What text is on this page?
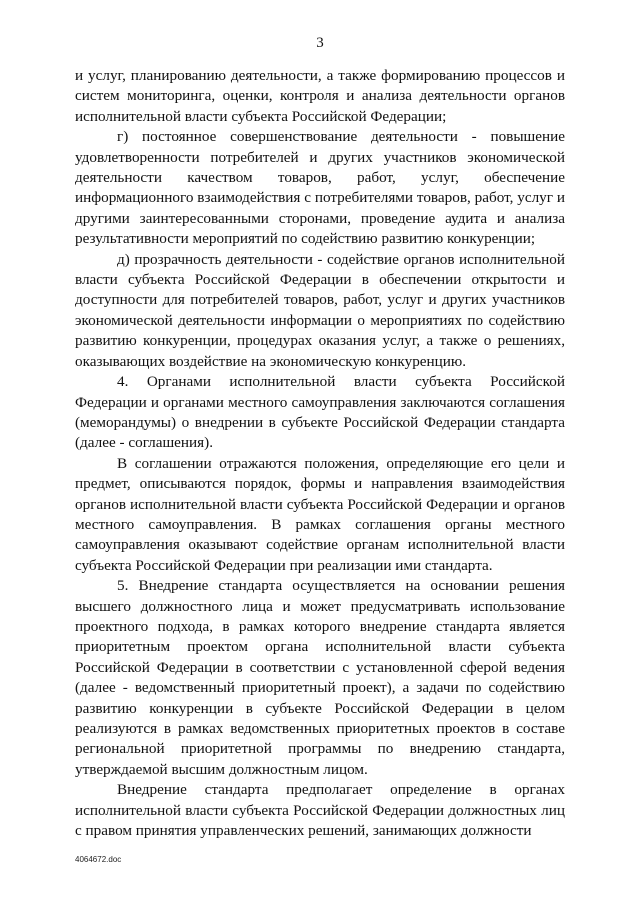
3

и услуг, планированию деятельности, а также формированию процессов и систем мониторинга, оценки, контроля и анализа деятельности органов исполнительной власти субъекта Российской Федерации;

г) постоянное совершенствование деятельности - повышение удовлетворенности потребителей и других участников экономической деятельности качеством товаров, работ, услуг, обеспечение информационного взаимодействия с потребителями товаров, работ, услуг и другими заинтересованными сторонами, проведение аудита и анализа результативности мероприятий по содействию развитию конкуренции;

д) прозрачность деятельности - содействие органов исполнительной власти субъекта Российской Федерации в обеспечении открытости и доступности для потребителей товаров, работ, услуг и других участников экономической деятельности информации о мероприятиях по содействию развитию конкуренции, процедурах оказания услуг, а также о решениях, оказывающих воздействие на экономическую конкуренцию.

4. Органами исполнительной власти субъекта Российской Федерации и органами местного самоуправления заключаются соглашения (меморандумы) о внедрении в субъекте Российской Федерации стандарта (далее - соглашения).

В соглашении отражаются положения, определяющие его цели и предмет, описываются порядок, формы и направления взаимодействия органов исполнительной власти субъекта Российской Федерации и органов местного самоуправления. В рамках соглашения органы местного самоуправления оказывают содействие органам исполнительной власти субъекта Российской Федерации при реализации ими стандарта.

5. Внедрение стандарта осуществляется на основании решения высшего должностного лица и может предусматривать использование проектного подхода, в рамках которого внедрение стандарта является приоритетным проектом органа исполнительной власти субъекта Российской Федерации в соответствии с установленной сферой ведения (далее - ведомственный приоритетный проект), а задачи по содействию развитию конкуренции в субъекте Российской Федерации в целом реализуются в рамках ведомственных приоритетных проектов в составе региональной приоритетной программы по внедрению стандарта, утверждаемой высшим должностным лицом.

Внедрение стандарта предполагает определение в органах исполнительной власти субъекта Российской Федерации должностных лиц с правом принятия управленческих решений, занимающих должности

4064672.doc
